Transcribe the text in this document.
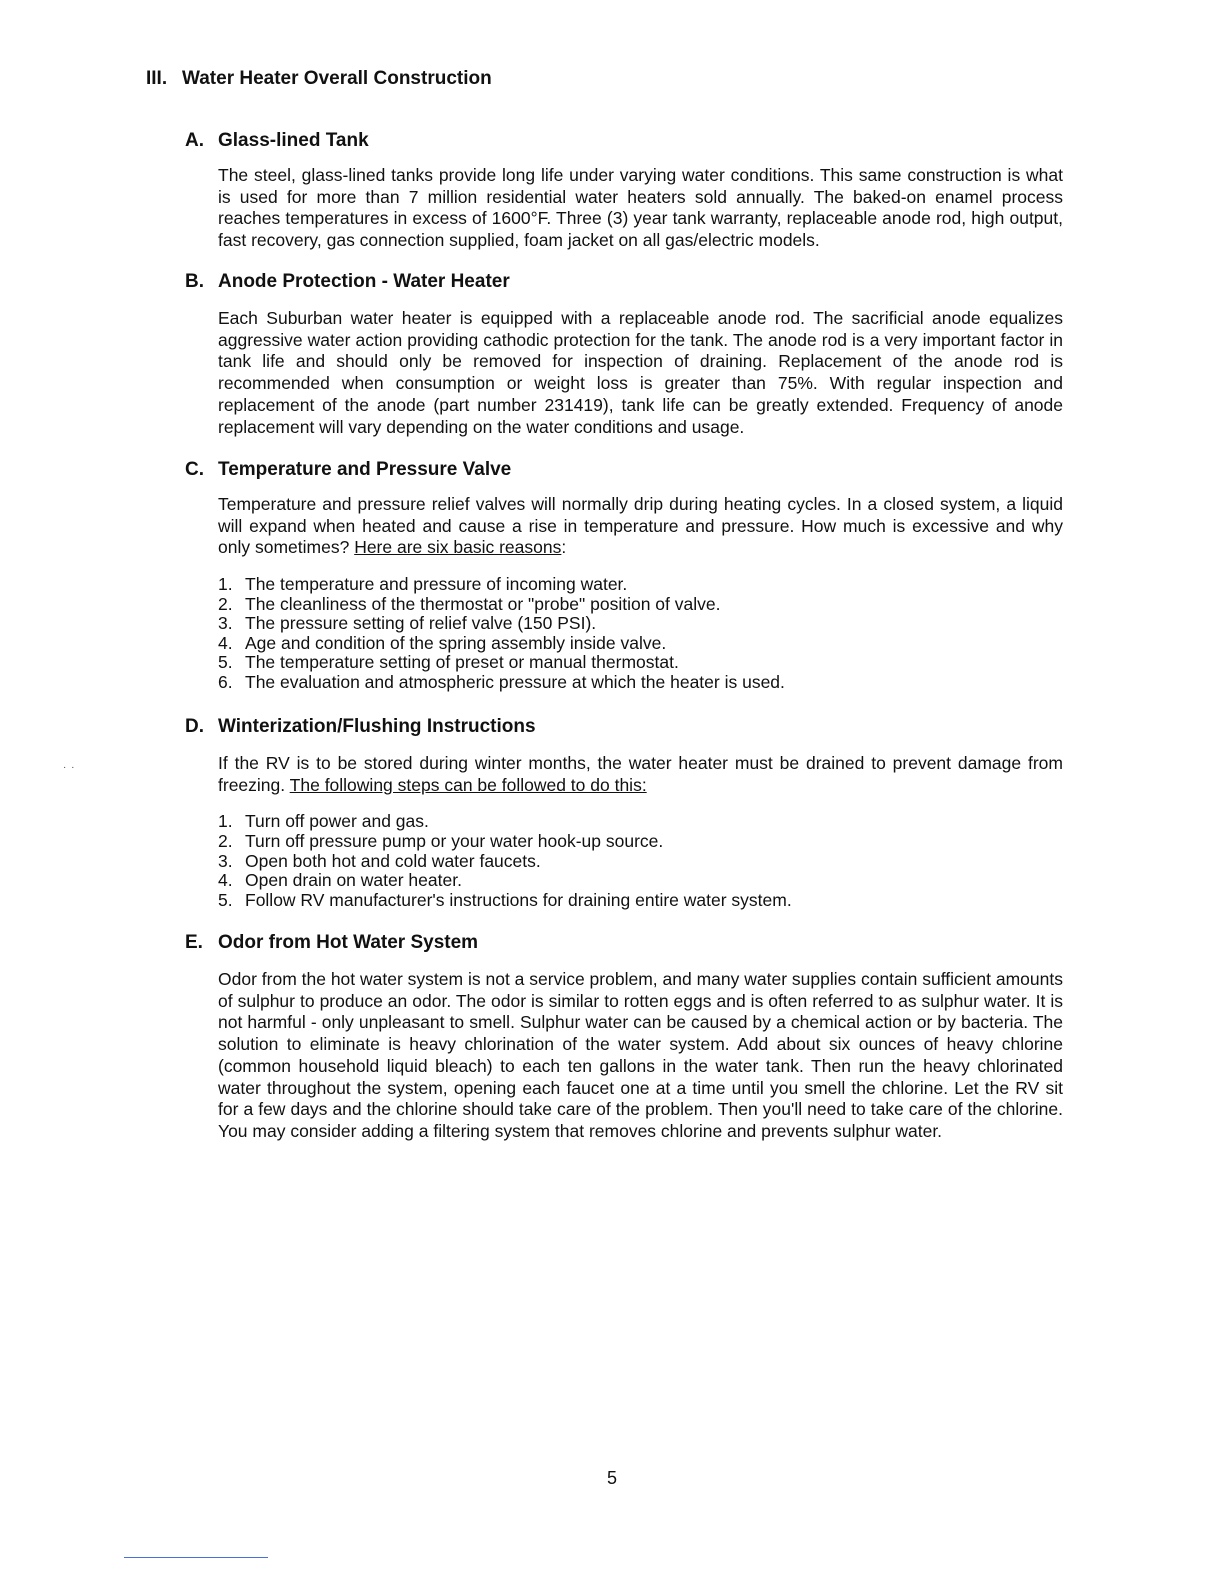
III. Water Heater Overall Construction
A. Glass-lined Tank

The steel, glass-lined tanks provide long life under varying water conditions. This same construction is what is used for more than 7 million residential water heaters sold annually. The baked-on enamel process reaches temperatures in excess of 1600°F. Three (3) year tank warranty, replaceable anode rod, high output, fast recovery, gas connection supplied, foam jacket on all gas/electric models.

B. Anode Protection - Water Heater

Each Suburban water heater is equipped with a replaceable anode rod. The sacrificial anode equalizes aggressive water action providing cathodic protection for the tank. The anode rod is a very important factor in tank life and should only be removed for inspection of draining. Replacement of the anode rod is recommended when consumption or weight loss is greater than 75%. With regular inspection and replacement of the anode (part number 231419), tank life can be greatly extended. Frequency of anode replacement will vary depending on the water conditions and usage.

C. Temperature and Pressure Valve

Temperature and pressure relief valves will normally drip during heating cycles. In a closed system, a liquid will expand when heated and cause a rise in temperature and pressure. How much is excessive and why only sometimes? Here are six basic reasons:

1. The temperature and pressure of incoming water.
2. The cleanliness of the thermostat or "probe" position of valve.
3. The pressure setting of relief valve (150 PSI).
4. Age and condition of the spring assembly inside valve.
5. The temperature setting of preset or manual thermostat.
6. The evaluation and atmospheric pressure at which the heater is used.
D. Winterization/Flushing Instructions

If the RV is to be stored during winter months, the water heater must be drained to prevent damage from freezing. The following steps can be followed to do this:

1. Turn off power and gas.
2. Turn off pressure pump or your water hook-up source.
3. Open both hot and cold water faucets.
4. Open drain on water heater.
5. Follow RV manufacturer's instructions for draining entire water system.
E. Odor from Hot Water System

Odor from the hot water system is not a service problem, and many water supplies contain sufficient amounts of sulphur to produce an odor. The odor is similar to rotten eggs and is often referred to as sulphur water. It is not harmful - only unpleasant to smell. Sulphur water can be caused by a chemical action or by bacteria. The solution to eliminate is heavy chlorination of the water system. Add about six ounces of heavy chlorine (common household liquid bleach) to each ten gallons in the water tank. Then run the heavy chlorinated water throughout the system, opening each faucet one at a time until you smell the chlorine. Let the RV sit for a few days and the chlorine should take care of the problem. Then you'll need to take care of the chlorine. You may consider adding a filtering system that removes chlorine and prevents sulphur water.

· ·
5
